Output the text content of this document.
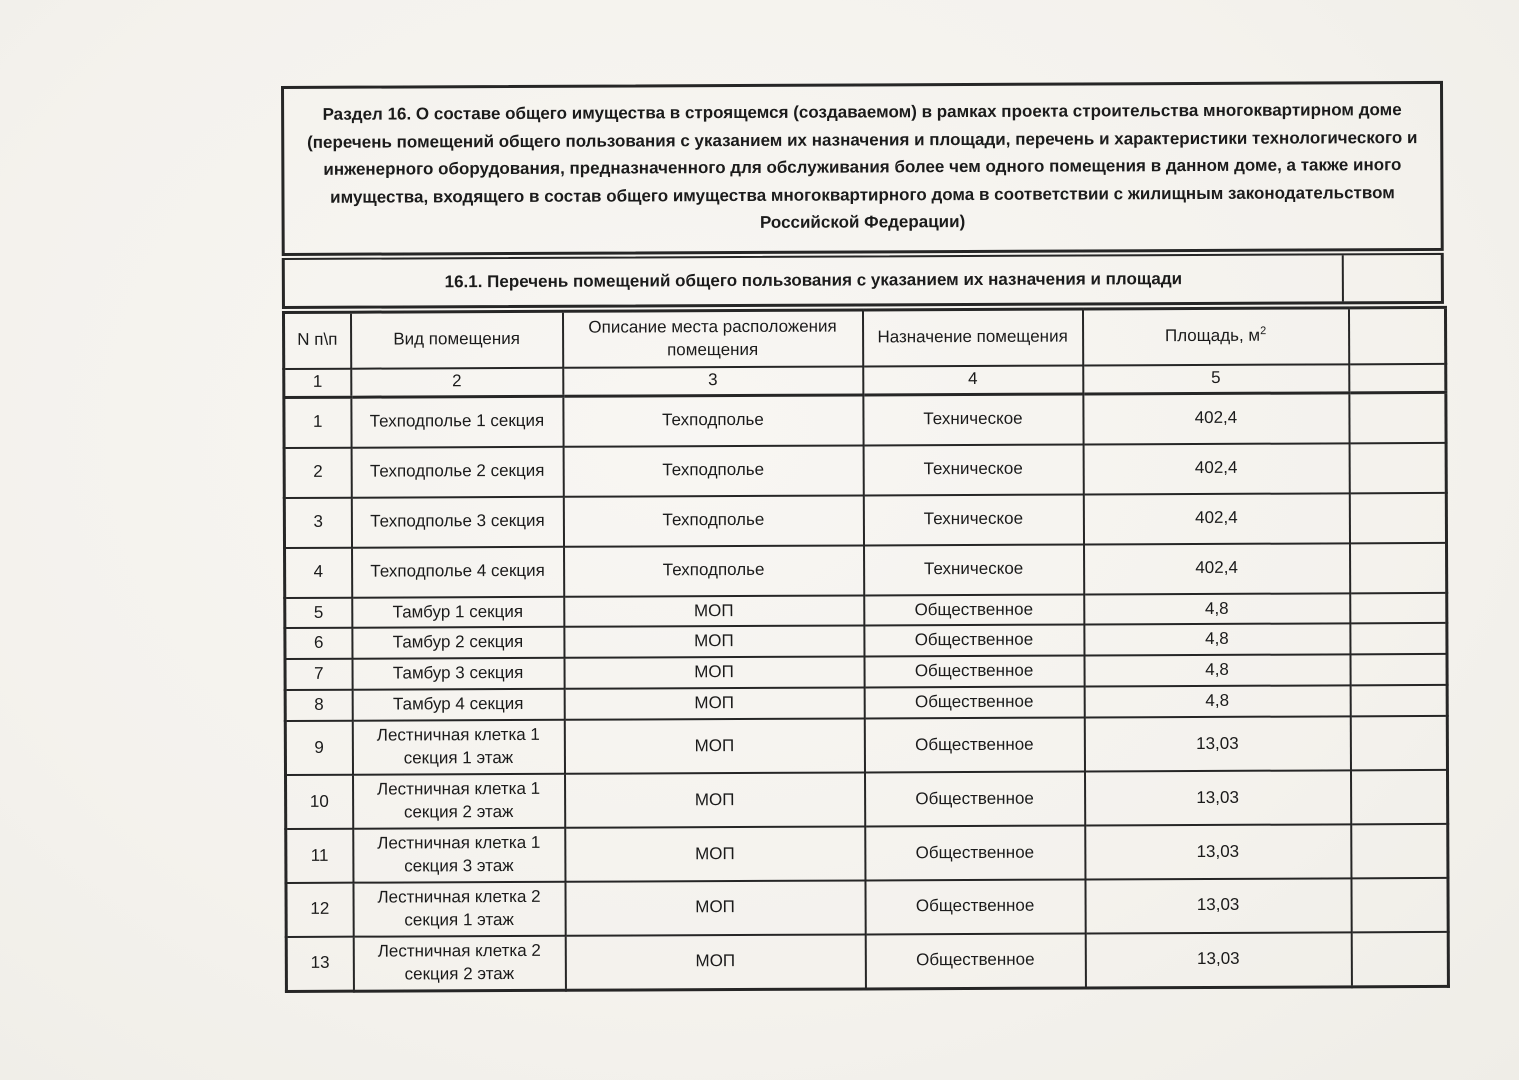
Раздел 16. О составе общего имущества в строящемся (создаваемом) в рамках проекта строительства многоквартирном доме (перечень помещений общего пользования с указанием их назначения и площади, перечень и характеристики технологического и инженерного оборудования, предназначенного для обслуживания более чем одного помещения в данном доме, а также иного имущества, входящего в состав общего имущества многоквартирного дома в соответствии с жилищным законодательством Российской Федерации)

16.1. Перечень помещений общего пользования с указанием их назначения и площади
N п\п	Вид помещения	Описание места расположения помещения	Назначение помещения	Площадь, $м^2$	
1	2	3	4	5	
1	Техподполье 1 секция	Техподполье	Техническое	402,4	
2	Техподполье 2 секция	Техподполье	Техническое	402,4	
3	Техподполье 3 секция	Техподполье	Техническое	402,4	
4	Техподполье 4 секция	Техподполье	Техническое	402,4	
5	Тамбур 1 секция	МОП	Общественное	4,8	
6	Тамбур 2 секция	МОП	Общественное	4,8	
7	Тамбур 3 секция	МОП	Общественное	4,8	
8	Тамбур 4 секция	МОП	Общественное	4,8	
9	Лестничная клетка 1 секция 1 этаж	МОП	Общественное	13,03	
10	Лестничная клетка 1 секция 2 этаж	МОП	Общественное	13,03	
11	Лестничная клетка 1 секция 3 этаж	МОП	Общественное	13,03	
12	Лестничная клетка 2 секция 1 этаж	МОП	Общественное	13,03	
13	Лестничная клетка 2 секция 2 этаж	МОП	Общественное	13,03	
